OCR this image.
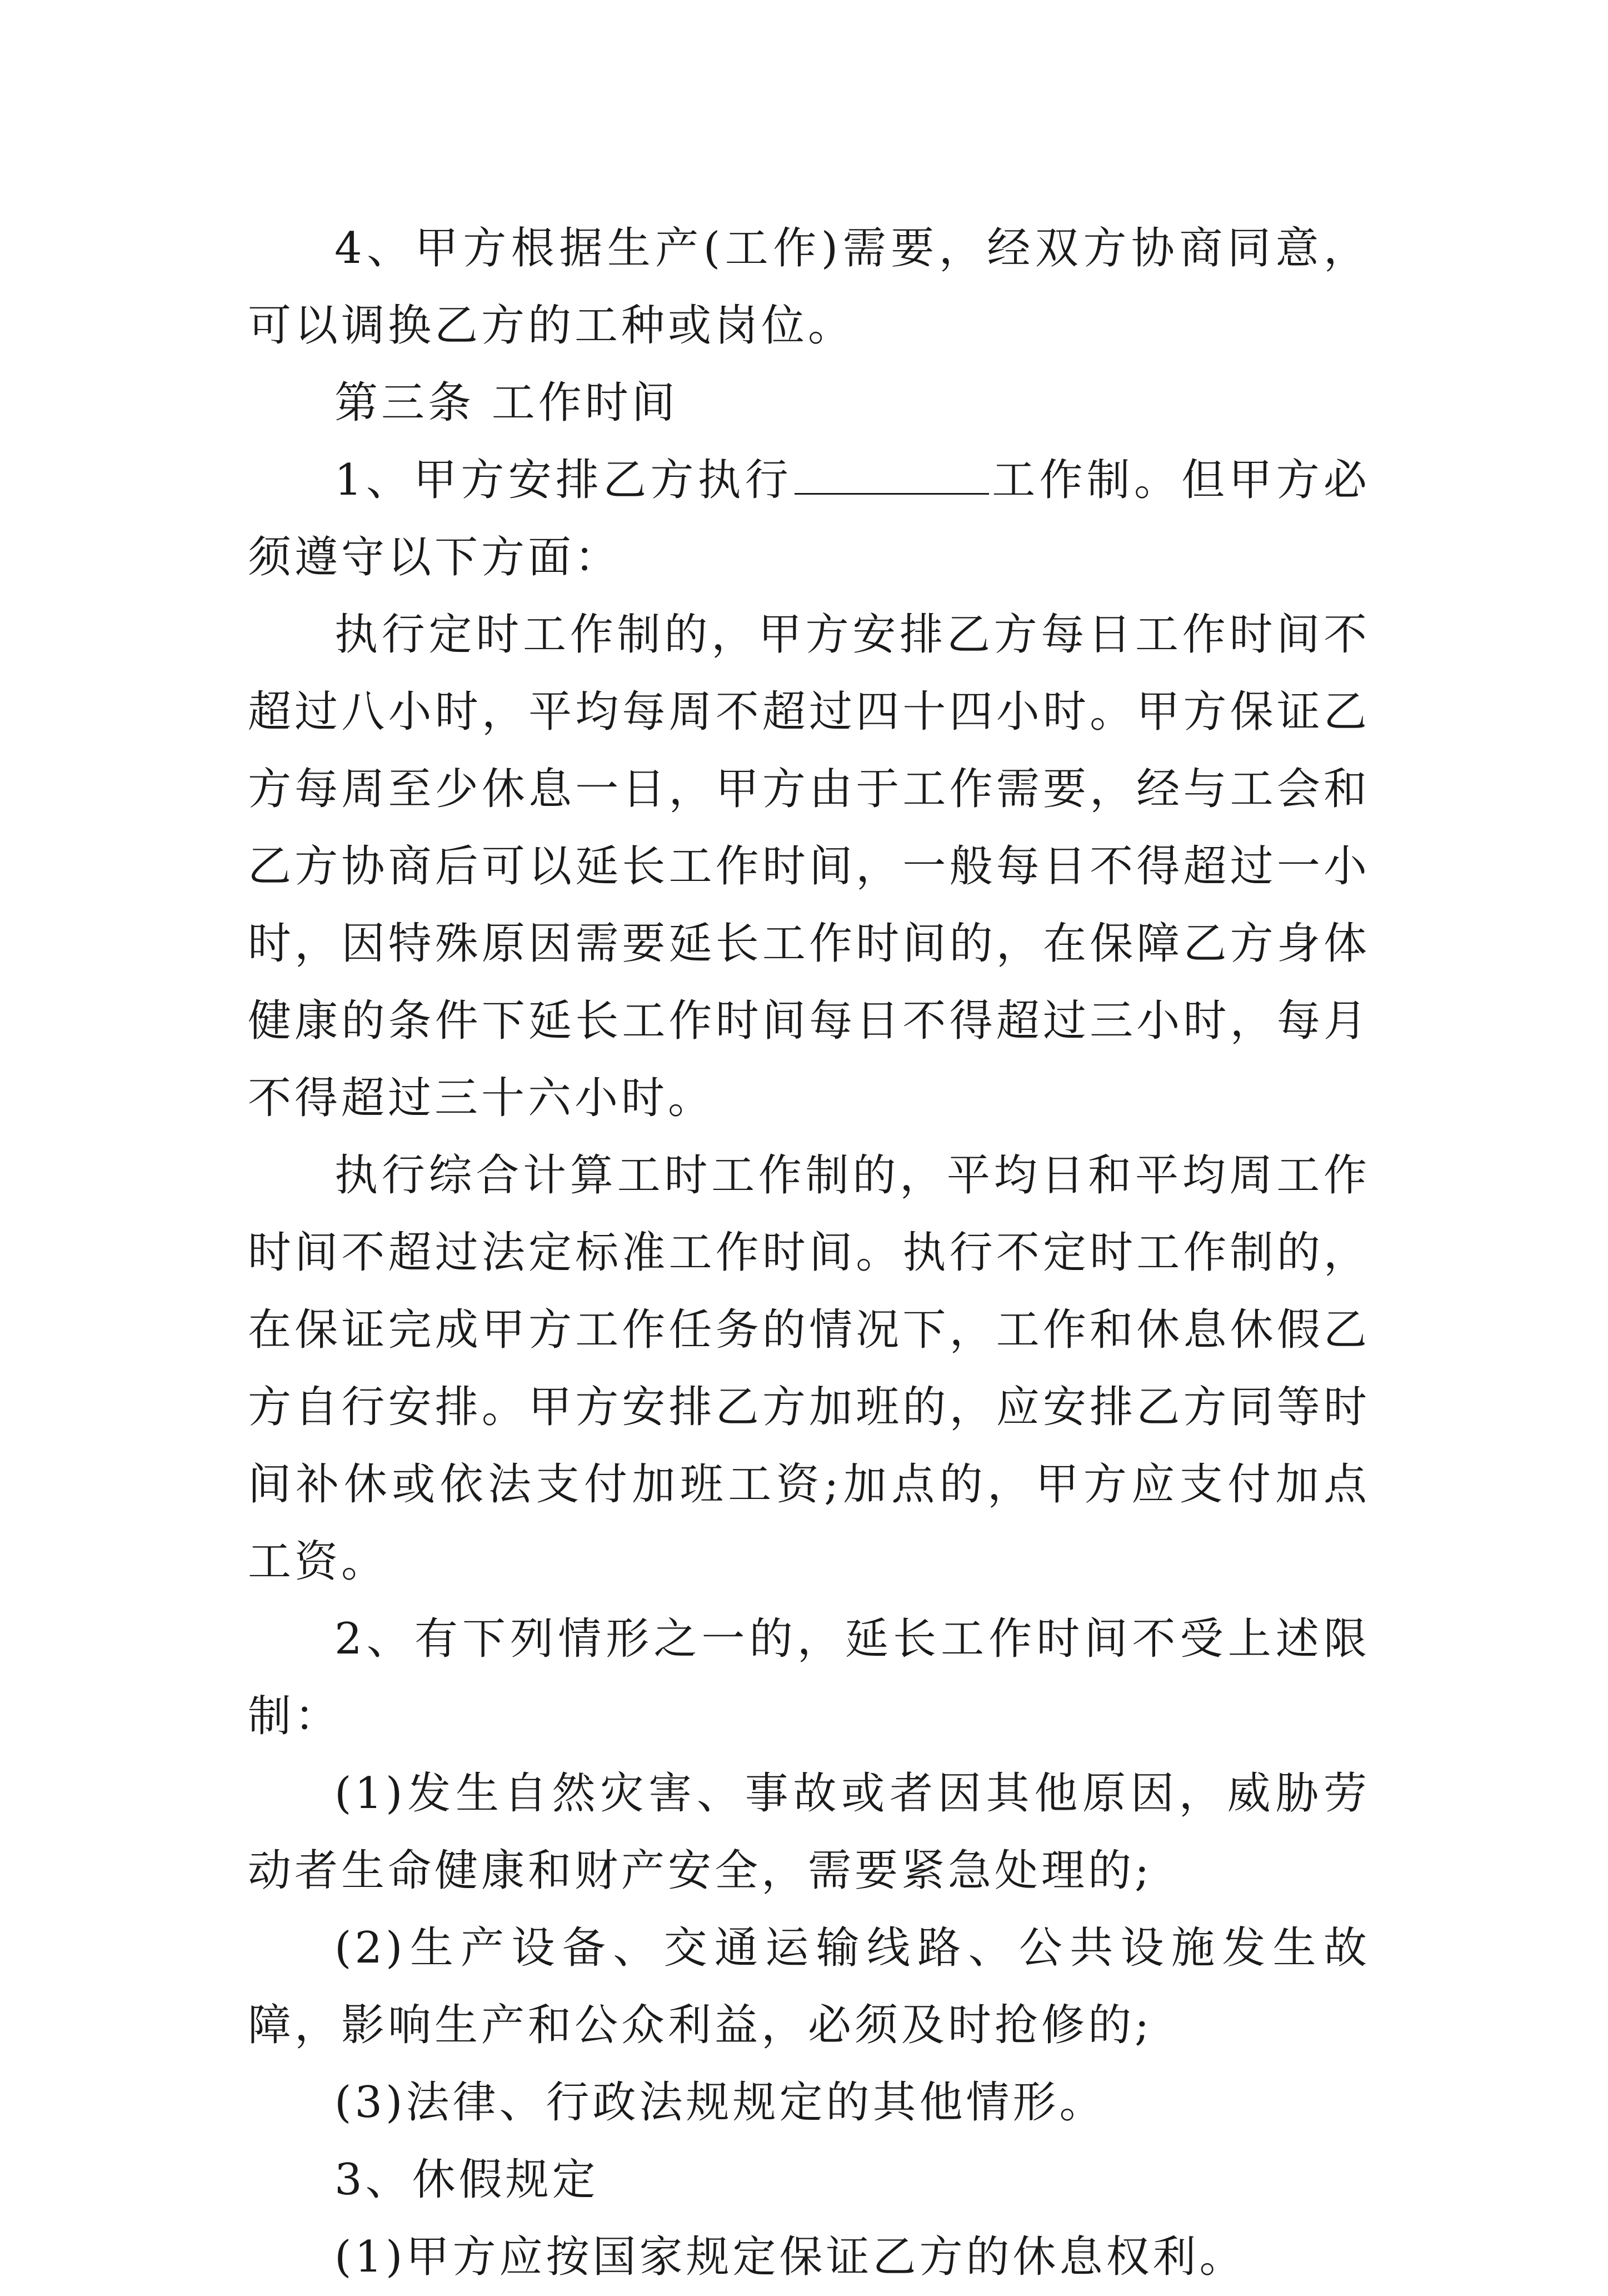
4、甲方根据生产(工作)需要，经双方协商同意，可以调换乙方的工种或岗位。

第三条 工作时间

1、甲方安排乙方执行	工作制。但甲方必须遵守以下方面：

执行定时工作制的，甲方安排乙方每日工作时间不超过八小时，平均每周不超过四十四小时。甲方保证乙方每周至少休息一日，甲方由于工作需要，经与工会和乙方协商后可以延长工作时间，一般每日不得超过一小时，因特殊原因需要延长工作时间的，在保障乙方身体健康的条件下延长工作时间每日不得超过三小时，每月不得超过三十六小时。

执行综合计算工时工作制的，平均日和平均周工作时间不超过法定标准工作时间。执行不定时工作制的，在保证完成甲方工作任务的情况下，工作和休息休假乙方自行安排。甲方安排乙方加班的，应安排乙方同等时间补休或依法支付加班工资;加点的，甲方应支付加点工资。

2、有下列情形之一的，延长工作时间不受上述限制：

(1)发生自然灾害、事故或者因其他原因，威胁劳动者生命健康和财产安全，需要紧急处理的;

(2)生产设备、交通运输线路、公共设施发生故障，影响生产和公众利益，必须及时抢修的;

(3)法律、行政法规规定的其他情形。

3、休假规定

(1)甲方应按国家规定保证乙方的休息权利。
